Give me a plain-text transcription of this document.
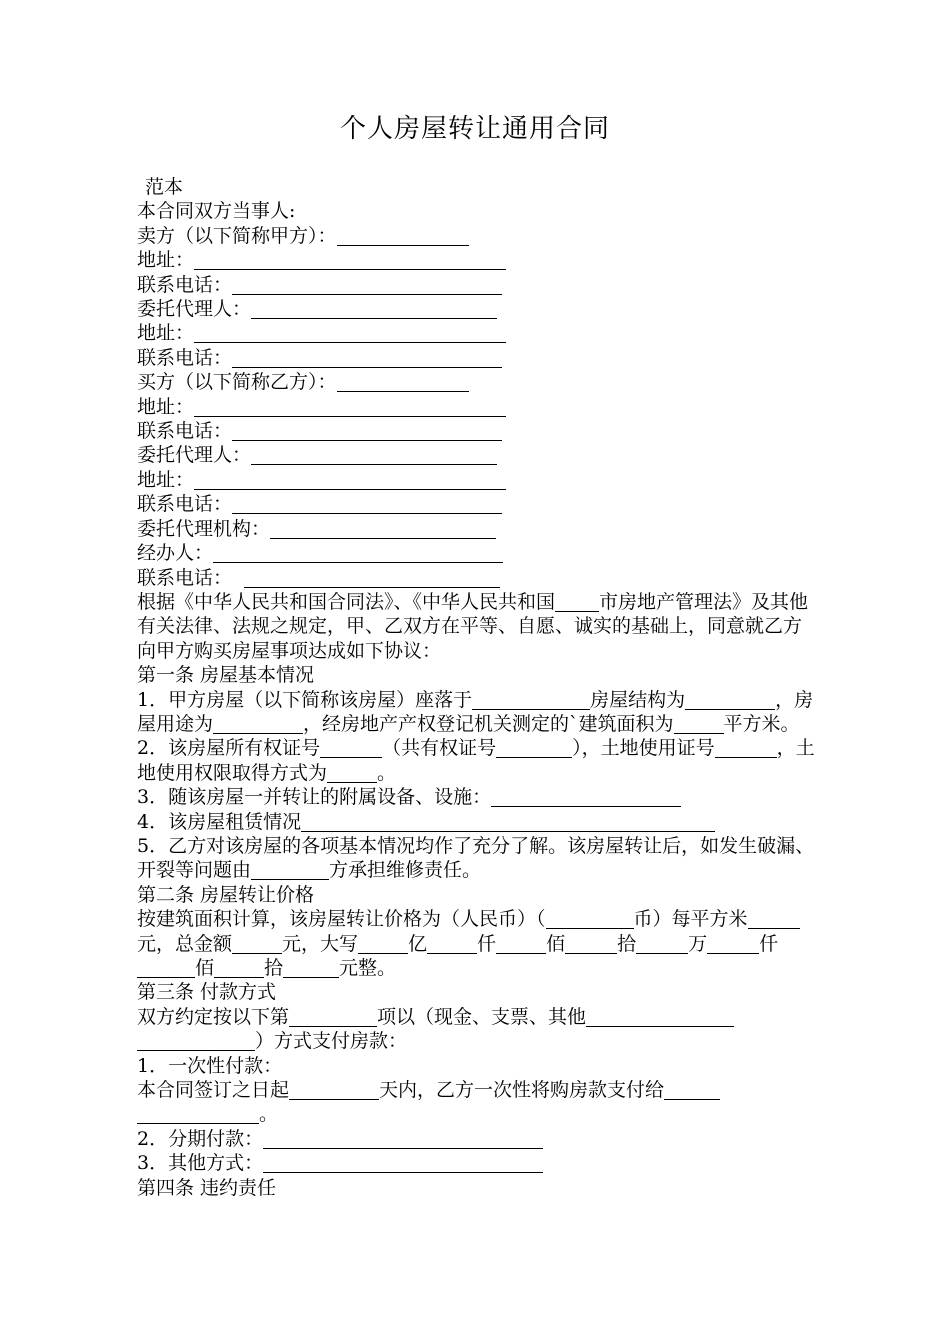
个人房屋转让通用合同
范本
本合同双方当事人:
卖方（以下简称甲方）：
地址：
联系电话：
委托代理人：
地址：
联系电话：
买方（以下简称乙方）：
地址：
联系电话：
委托代理人：
地址：
联系电话：
委托代理机构：
经办人：
联系电话：
根据《中华人民共和国合同法》、《中华人民共和国 市房地产管理法》及其他有关法律、法规之规定，甲、乙双方在平等、自愿、诚实的基础上，同意就乙方向甲方购买房屋事项达成如下协议：
第一条 房屋基本情况
1．甲方房屋（以下简称该房屋）座落于	房屋结构为	，房屋用途为	，经房地产产权登记机关测定的`建筑面积为	平方米。
2．该房屋所有权证号	（共有权证号	），土地使用证号	，土地使用权限取得方式为	。
3．随该房屋一并转让的附属设备、设施：
4．该房屋租赁情况
5．乙方对该房屋的各项基本情况均作了充分了解。该房屋转让后，如发生破漏、开裂等问题由	方承担维修责任。
第二条 房屋转让价格
按建筑面积计算，该房屋转让价格为（人民币）（	币）每平方米元，总金额	元，大写	亿	仟	佰	拾	万	仟佰	拾	元整。
第三条 付款方式
双方约定按以下第	项以（现金、支票、其他）方式支付房款：
1．一次性付款：
本合同签订之日起	天内，乙方一次性将购房款支付给。
2．分期付款：
3．其他方式：
第四条 违约责任
